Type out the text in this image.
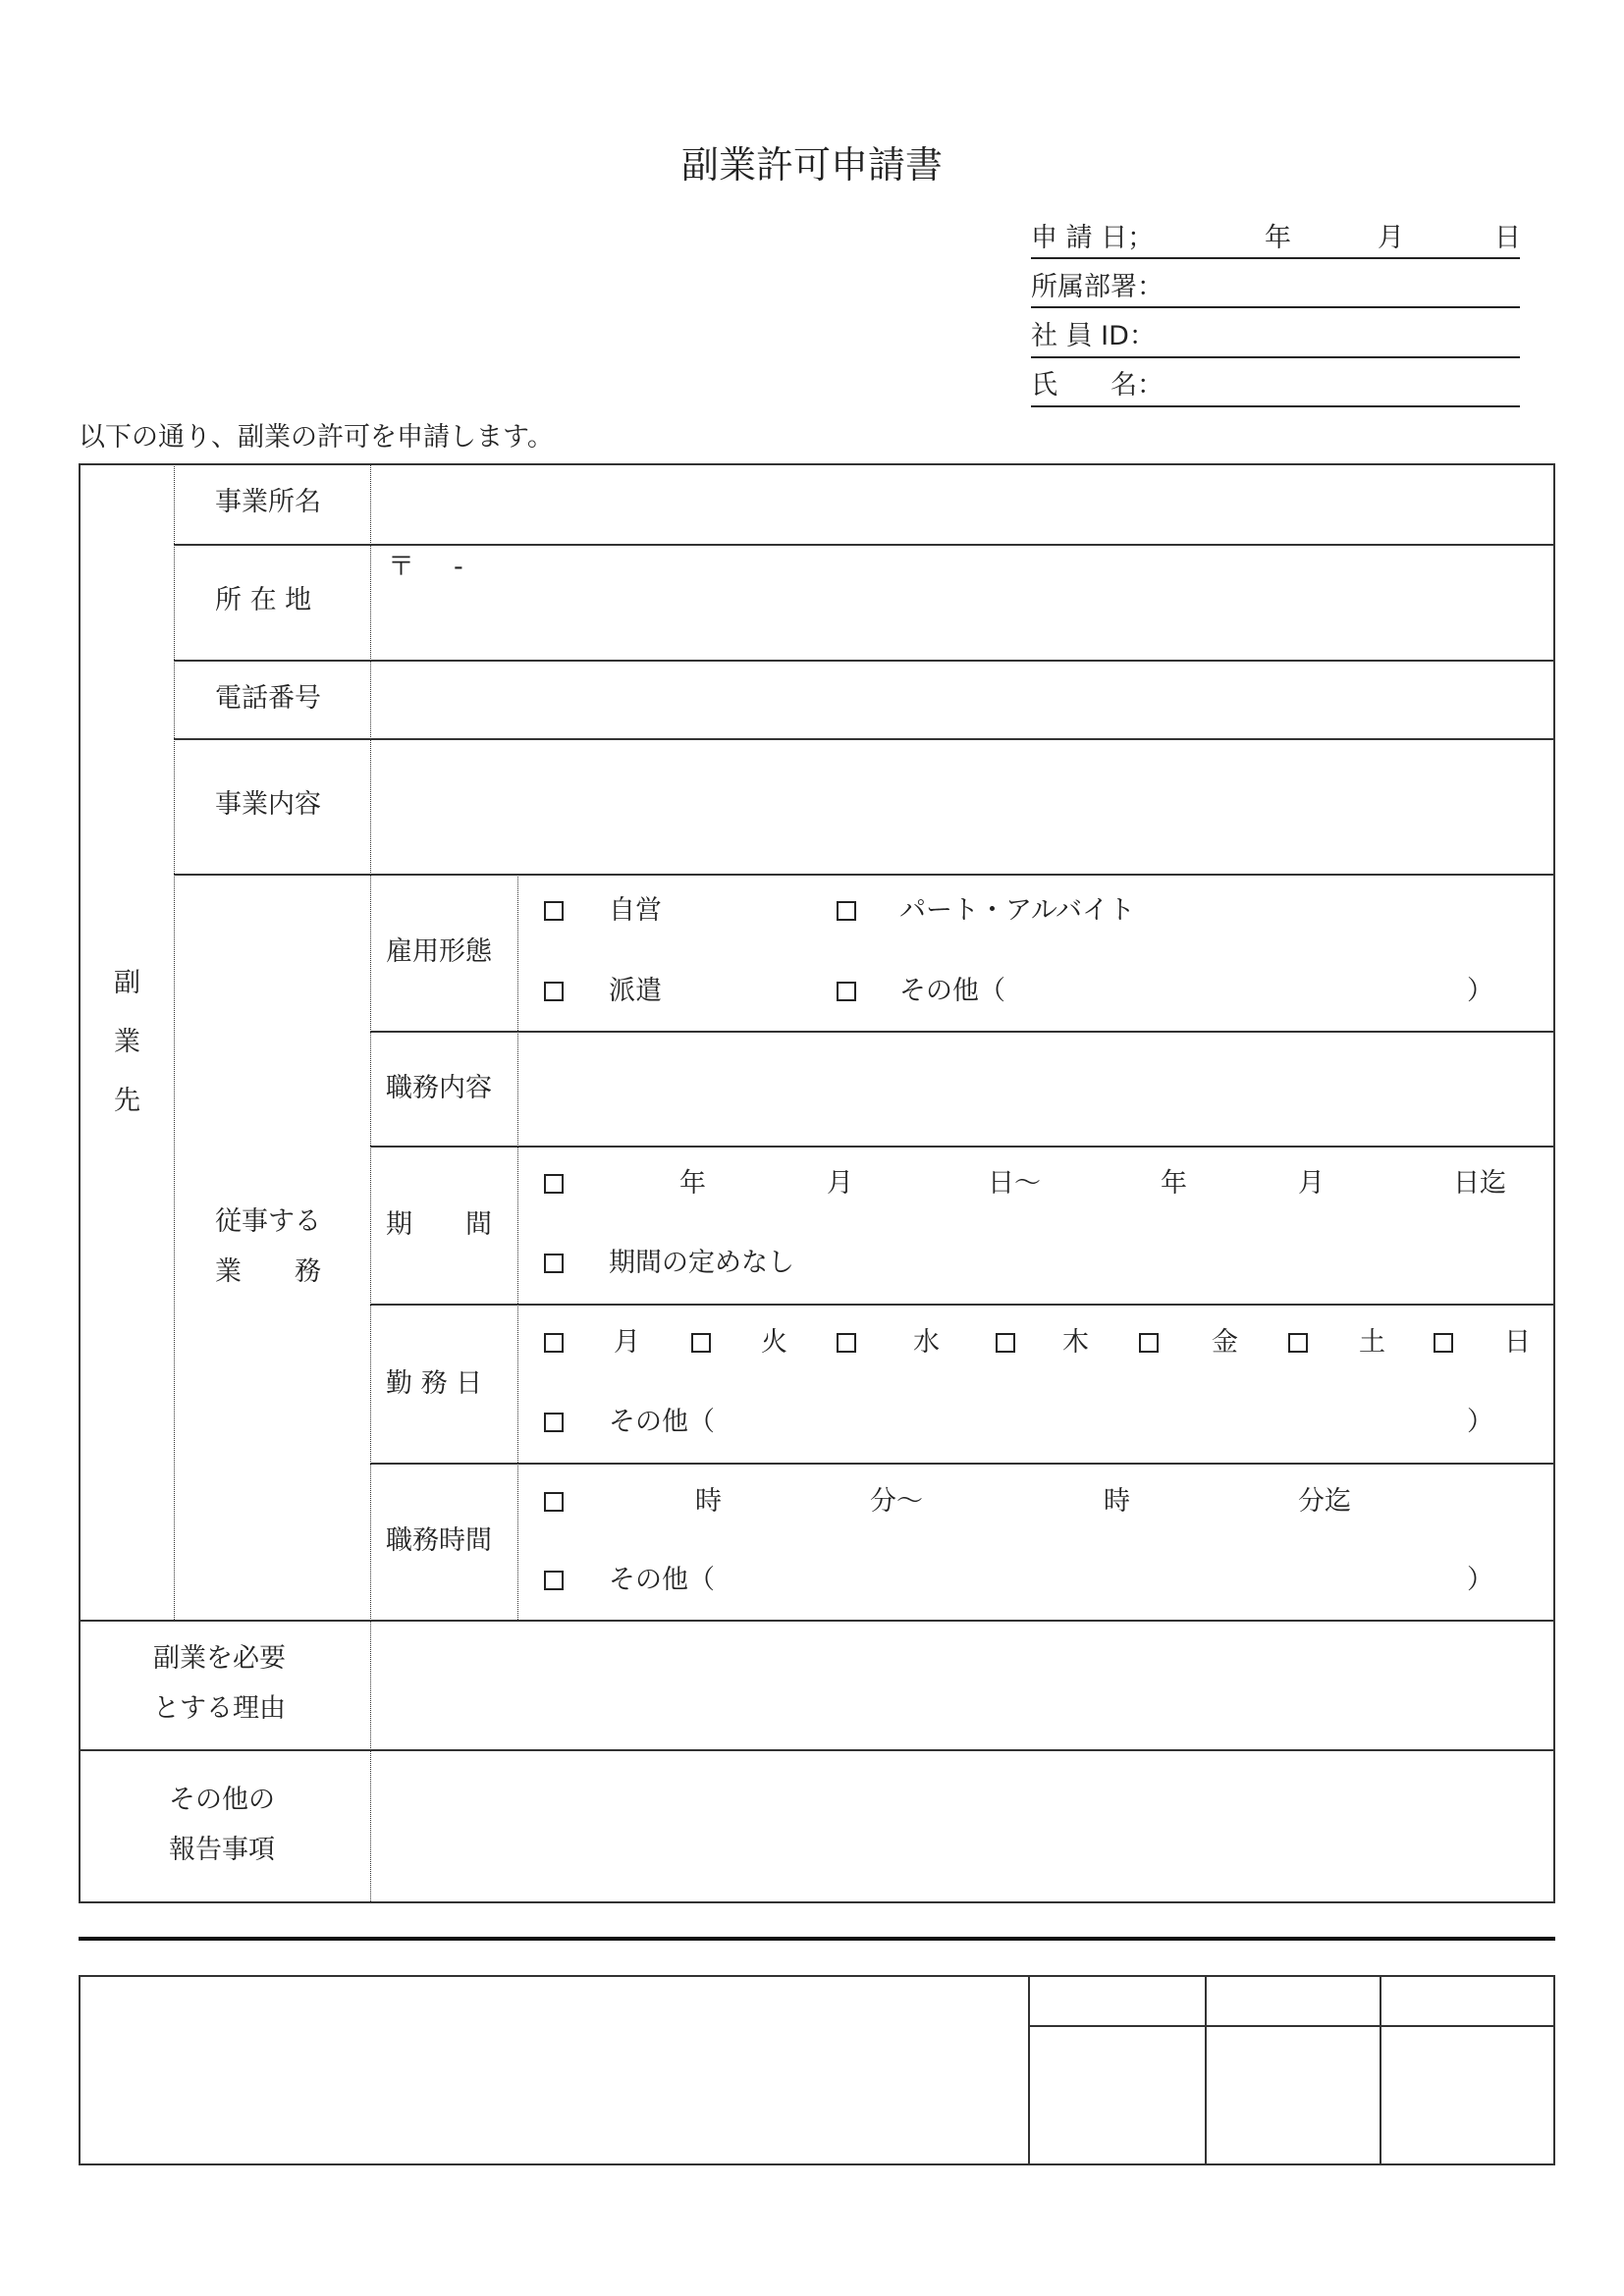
副業許可申請書
申 請 日；	年	月	日
所属部署：
社 員 ID：
氏　　名：
以下の通り、副業の許可を申請します。
副
業
先
事業所名
所 在 地
〒 -
電話番号
事業内容
従事する
業　　務
雇用形態
自営	パート・アルバイト
派遣	その他（	）
職務内容
期　　間
年	月	日〜	年	月	日迄
期間の定めなし
勤 務 日
月	火	水	木	金	土	日
その他（	）
職務時間
時	分〜	時	分迄
その他（	）
副業を必要
とする理由
その他の
報告事項
